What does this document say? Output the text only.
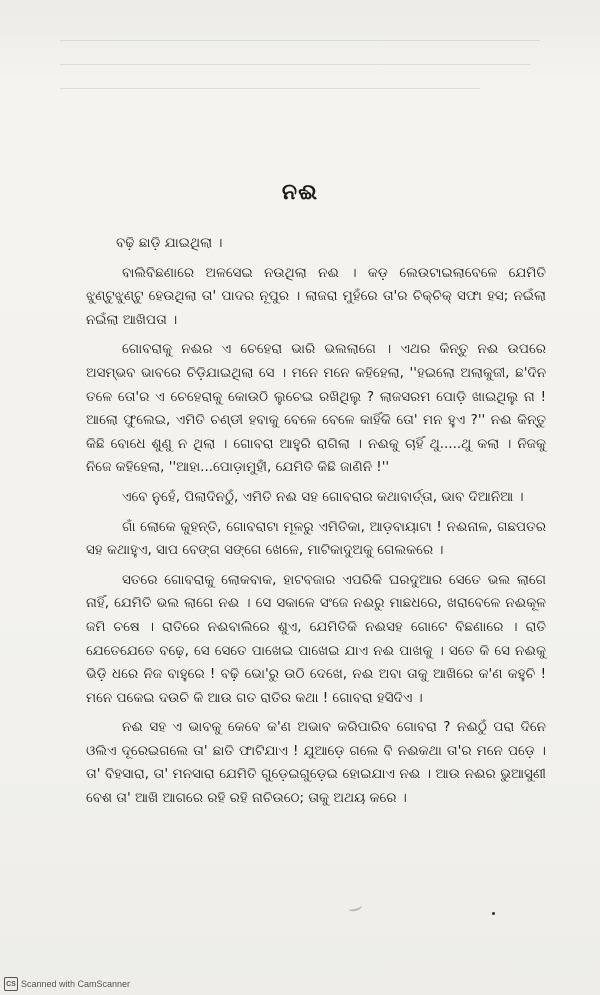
ନଈ

ବଢ଼ି ଛାଡ଼ି ଯାଇଥିଲା ।

ବାଲିବିଛଣାରେ ଅଳସେଇ ନଉଥିଲା ନଈ । କଡ଼ ଲେଉଟାଇଲାବେଳେ ଯେମିତି ଝୁଣ୍ଟୁଝୁଣ୍ଟୁ ହେଉଥିଲା ତା' ପାଦର ନୂପୁର । ଲାଜରା ମୁହଁରେ ତା'ର ଚିକ୍‌ଚିକ୍ ସଫା ହସ; ନଇଁଲା ନଇଁଲା ଆଖିପତା ।

ଗୋବରାକୁ ନଈର ଏ ଚେହେରା ଭାରି ଭଲଲାଗେ । ଏଥର କିନ୍ତୁ ନଈ ଉପରେ ଅସମ୍ଭବ ଭାବରେ ଚିଡ଼ିଯାଇଥିଲା ସେ । ମନେ ମନେ କହିହେଲା, ''ହଇଲୋ ଅଲାକୁଜୀ, ଛ'ଦିନ ତଳେ ତୋ'ର ଏ ଚେହେରାକୁ କୋଉଠି ଲୁଚେଇ ରଖିଥିଲୁ ? ଲାଜସରମ ପୋଡ଼ି ଖାଇଥିଲୁ ନା ! ଆଲୋ ଫୁଲେଇ, ଏମିତି ଚଣ୍ଡୀ ହବାକୁ ବେଳେ ବେଳେ କାହିଁକି ତୋ' ମନ ହୁଏ ?'' ନଈ କିନ୍ତୁ କିଛି ବୋଧେ ଶୁଣୁ ନ ଥିଲା । ଗୋବରା ଆହୁରି ରାଗିଲା । ନଈକୁ ଚାହିଁ ଥୁ.....ଥୁ କଲା । ନିଜକୁ ନିଜେ କହିହେଲା, ''ଆହା...ପୋଡ଼ାମୁହୀଁ, ଯେମିତି କିଛି ଜାଣିନି !''

ଏବେ ନୁହେଁ, ପିଲାଦିନଠୁଁ, ଏମିତି ନଈ ସହ ଗୋବରାର କଥାବାର୍ତ୍ତା, ଭାବ ଦିଆନିଆ ।

ଗାଁ ଲୋକେ କୁହନ୍ତି, ଗୋବରାଟା ମୂଳରୁ ଏମିତିକା, ଆଡ଼ବାୟାଟା ! ନଈନାଳ, ଗଛପତର ସହ କଥାହୁଏ, ସାପ ବେଙ୍ଗ ସଙ୍ଗେ ଖେଳେ, ମାଟିକାଦୁଅକୁ ଗେଲକରେ ।

ସତରେ ଗୋବରାକୁ ଲୋକବାକ, ହାଟବଜାର ଏପରିକି ଘରଦୁଆର ସେତେ ଭଲ ଲାଗେ ନାହିଁ, ଯେମିତି ଭଲ ଲାଗେ ନଈ । ସେ ସକାଳେ ସଂଜେ ନଈରୁ ମାଛଧରେ, ଖରାବେଳେ ନଈକୂଳ ଜମି ଚଷେ । ରାତିରେ ନଈବାଲିରେ ଶୁଏ, ଯେମିତିକି ନଈସହ ଗୋଟେ ବିଛଣାରେ । ରାତି ଯେତେଯେତେ ବଢ଼େ, ସେ ସେତେ ପାଖେଇ ପାଖେଇ ଯାଏ ନଈ ପାଖକୁ । ସତେ କି ସେ ନଈକୁ ଭିଡ଼ି ଧରେ ନିଜ ବାହୁରେ ! ବଢ଼ି ଭୋ'ରୁ ଉଠି ଦେଖେ, ନଈ ଅବା ତାକୁ ଆଖିରେ କ'ଣ କହୁଚି ! ମନେ ପକେଇ ଦଉଚି କି ଆଉ ଗତ ରାତିର କଥା ! ଗୋବରା ହସିଦିଏ ।

ନଈ ସହ ଏ ଭାବକୁ କେବେ କ'ଣ ଅଭାବ କରିପାରିବ ଗୋବରା ? ନଈଠୁଁ ପରା ଦିନେ ଓଲିଏ ଦୂରେଇଗଲେ ତା' ଛାତି ଫାଟିଯାଏ ! ଯୁଆଡ଼େ ଗଲେ ବି ନଈକଥା ତା'ର ମନେ ପଡ଼େ । ତା' ବିହସାରା, ତା' ମନସାରା ଯେମିତି ଗୁଡ଼େଇଗୁଡ଼େଇ ହୋଇଯାଏ ନଈ । ଆଉ ନଈର ଭୁଆସୁଣୀ ବେଶ ତା' ଆଖି ଆଗରେ ରହି ରହି ନାଚିଉଠେ; ତାକୁ ଅଥୟ କରେ ।

CS Scanned with CamScanner
